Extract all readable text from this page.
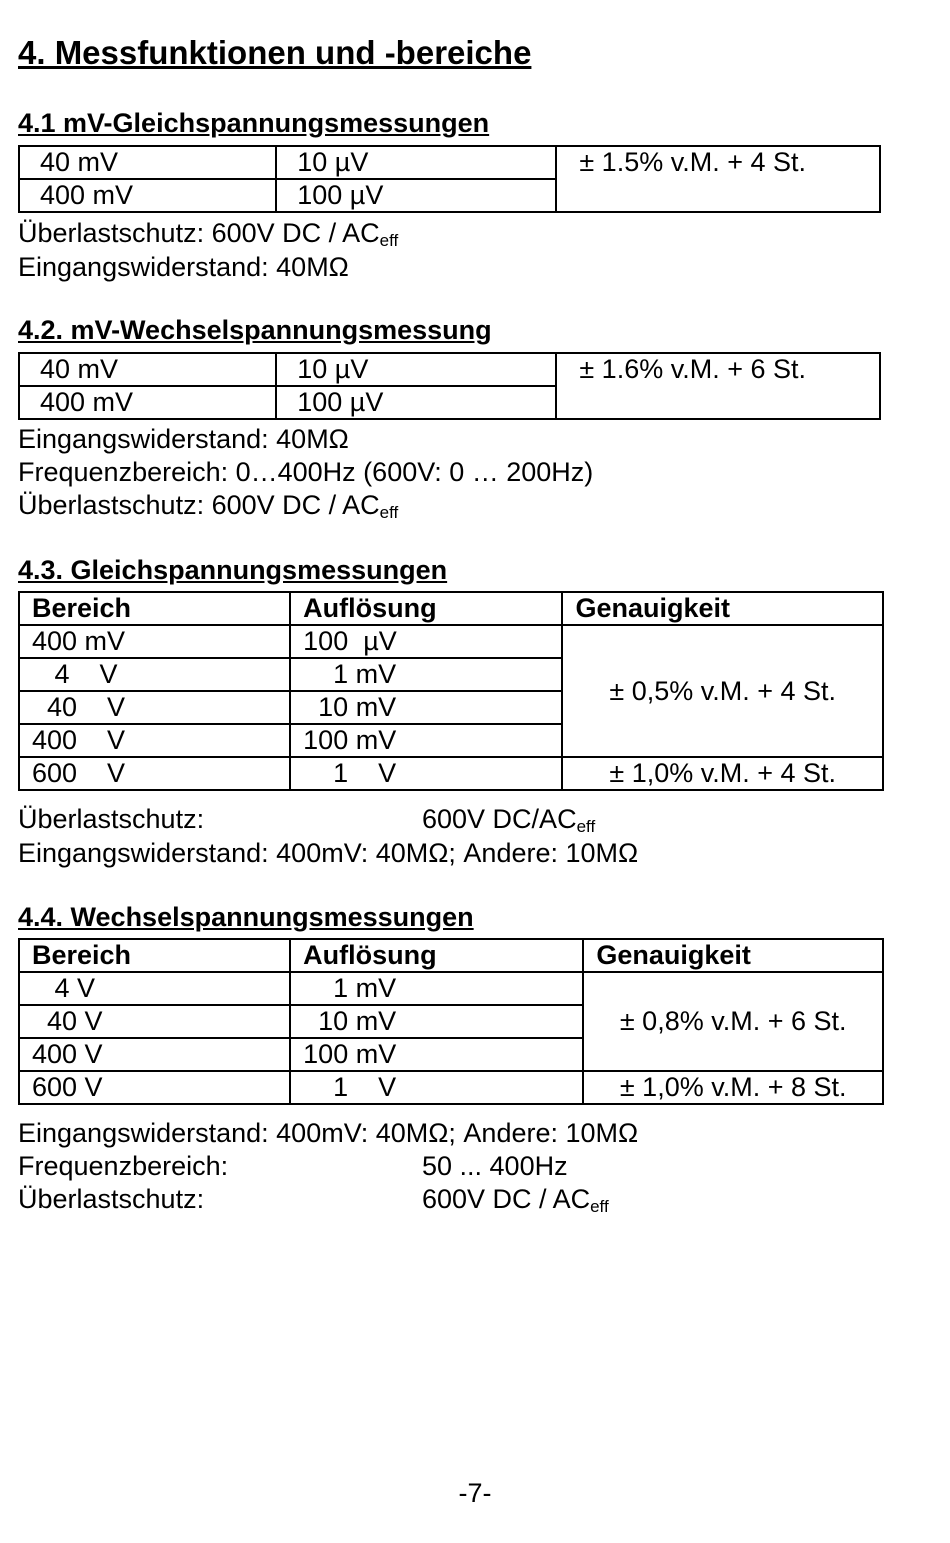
4. Messfunktionen und -bereiche
4.1 mV-Gleichspannungsmessungen
40 mV	10 µV	± 1.5% v.M. + 4 St.
400 mV	100 µV	
Überlastschutz: 600V DC / $AC_{eff}$
Eingangswiderstand: 40MΩ
4.2. mV-Wechselspannungsmessung
40 mV	10 µV	± 1.6% v.M. + 6 St.
400 mV	100 µV	
Eingangswiderstand: 40MΩ
Frequenzbereich: 0…400Hz (600V: 0 … 200Hz)
Überlastschutz: 600V DC / $AC_{eff}$
4.3. Gleichspannungsmessungen
Bereich	Auflösung	Genauigkeit
400 mV	100  µV	± 0,5% v.M. + 4 St.
4    V	1 mV	
40    V	10 mV	
400    V	100 mV	
600    V	1    V	± 1,0% v.M. + 4 St.
Überlastschutz:	600V $DC/AC_{eff}$
Eingangswiderstand: 400mV: 40MΩ; Andere: 10MΩ
4.4. Wechselspannungsmessungen
Bereich	Auflösung	Genauigkeit
4 V	1 mV	± 0,8% v.M. + 6 St.
40 V	10 mV	
400 V	100 mV	
600 V	1    V	± 1,0% v.M. + 8 St.
Eingangswiderstand: 400mV: 40MΩ; Andere: 10MΩ
Frequenzbereich:	50 ... 400Hz
Überlastschutz:	600V DC / $AC_{eff}$
-7-
